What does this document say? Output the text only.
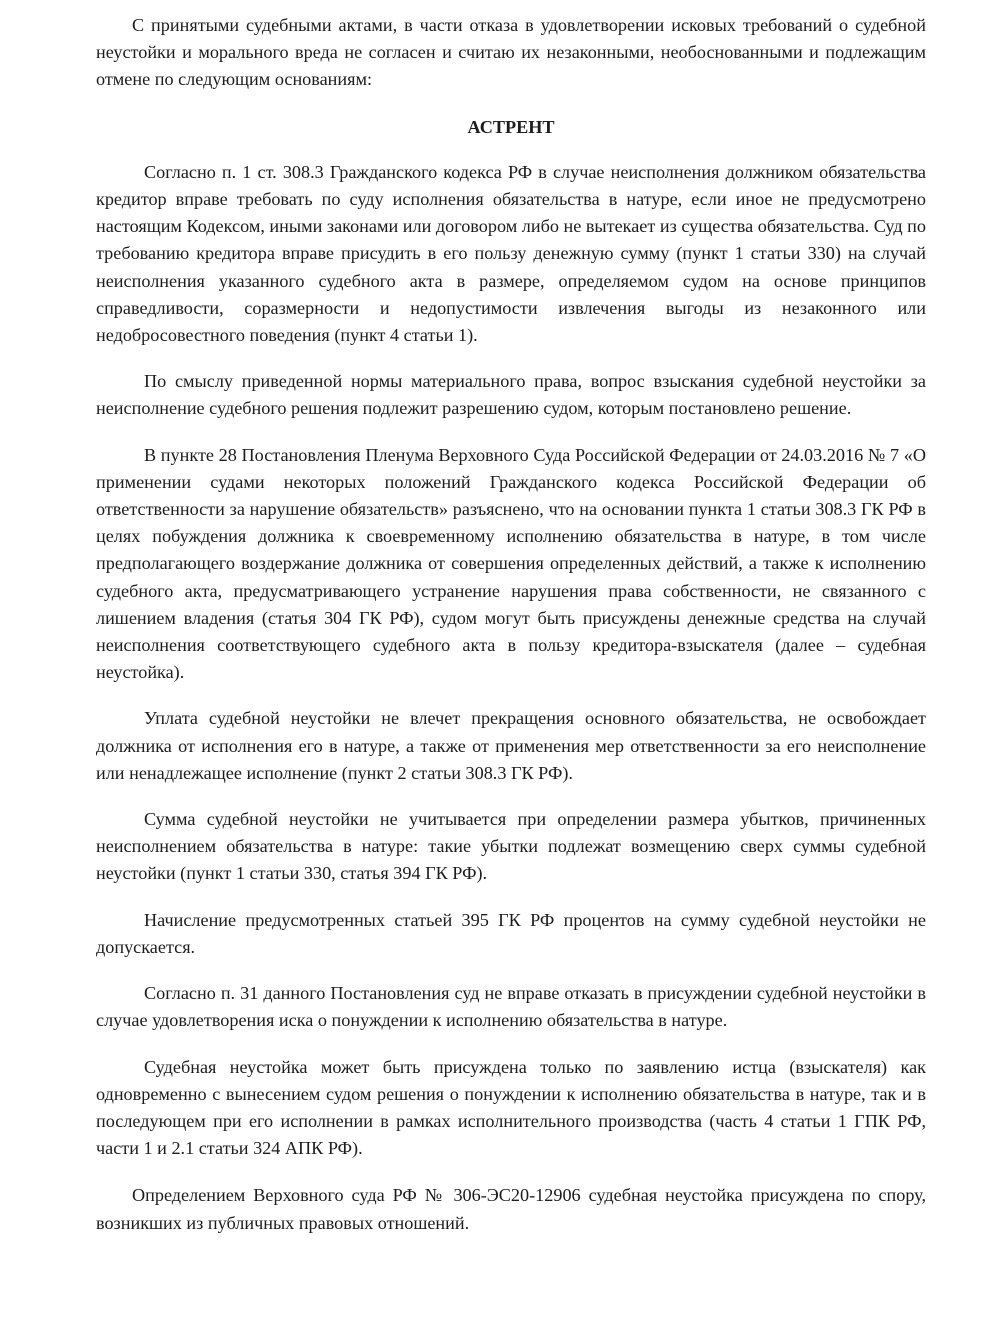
С принятыми судебными актами, в части отказа в удовлетворении исковых требований о судебной неустойки и морального вреда не согласен и считаю их незаконными, необоснованными и подлежащим отмене по следующим основаниям:

АСТРЕНТ

Согласно п. 1 ст. 308.3 Гражданского кодекса РФ в случае неисполнения должником обязательства кредитор вправе требовать по суду исполнения обязательства в натуре, если иное не предусмотрено настоящим Кодексом, иными законами или договором либо не вытекает из существа обязательства. Суд по требованию кредитора вправе присудить в его пользу денежную сумму (пункт 1 статьи 330) на случай неисполнения указанного судебного акта в размере, определяемом судом на основе принципов справедливости, соразмерности и недопустимости извлечения выгоды из незаконного или недобросовестного поведения (пункт 4 статьи 1).

По смыслу приведенной нормы материального права, вопрос взыскания судебной неустойки за неисполнение судебного решения подлежит разрешению судом, которым постановлено решение.

В пункте 28 Постановления Пленума Верховного Суда Российской Федерации от 24.03.2016 № 7 «О применении судами некоторых положений Гражданского кодекса Российской Федерации об ответственности за нарушение обязательств» разъяснено, что на основании пункта 1 статьи 308.3 ГК РФ в целях побуждения должника к своевременному исполнению обязательства в натуре, в том числе предполагающего воздержание должника от совершения определенных действий, а также к исполнению судебного акта, предусматривающего устранение нарушения права собственности, не связанного с лишением владения (статья 304 ГК РФ), судом могут быть присуждены денежные средства на случай неисполнения соответствующего судебного акта в пользу кредитора-взыскателя (далее – судебная неустойка).

Уплата судебной неустойки не влечет прекращения основного обязательства, не освобождает должника от исполнения его в натуре, а также от применения мер ответственности за его неисполнение или ненадлежащее исполнение (пункт 2 статьи 308.3 ГК РФ).

Сумма судебной неустойки не учитывается при определении размера убытков, причиненных неисполнением обязательства в натуре: такие убытки подлежат возмещению сверх суммы судебной неустойки (пункт 1 статьи 330, статья 394 ГК РФ).

Начисление предусмотренных статьей 395 ГК РФ процентов на сумму судебной неустойки не допускается.

Согласно п. 31 данного Постановления суд не вправе отказать в присуждении судебной неустойки в случае удовлетворения иска о понуждении к исполнению обязательства в натуре.

Судебная неустойка может быть присуждена только по заявлению истца (взыскателя) как одновременно с вынесением судом решения о понуждении к исполнению обязательства в натуре, так и в последующем при его исполнении в рамках исполнительного производства (часть 4 статьи 1 ГПК РФ, части 1 и 2.1 статьи 324 АПК РФ).

Определением Верховного суда РФ № 306-ЭС20-12906 судебная неустойка присуждена по спору, возникших из публичных правовых отношений.
